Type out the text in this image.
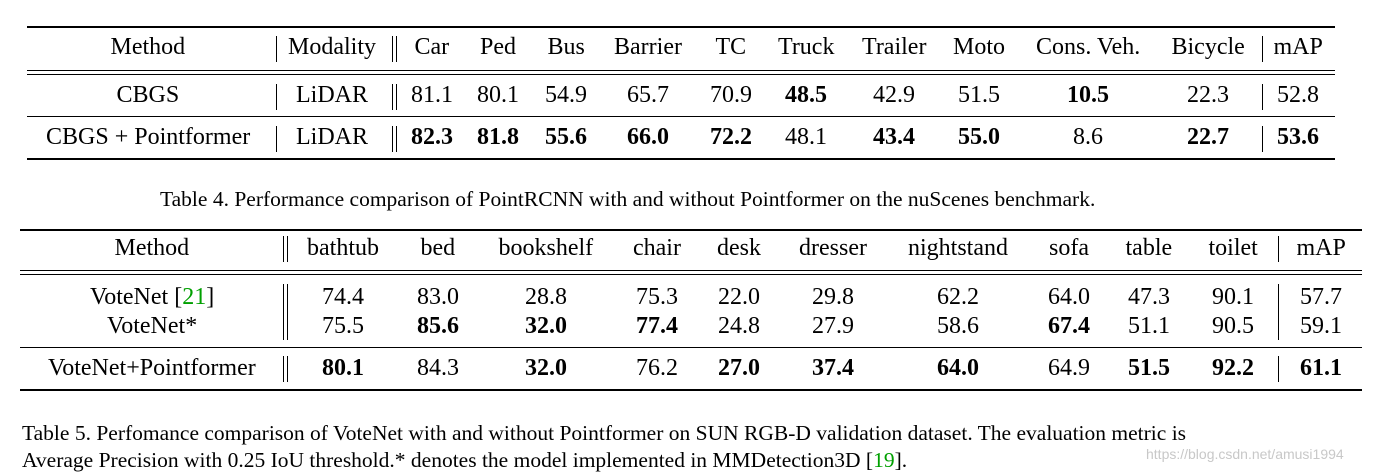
Table 4. Performance comparison of PointRCNN with and without Pointformer on the nuScenes benchmark.
Table 5. Perfomance comparison of VoteNet with and without Pointformer on SUN RGB-D validation dataset. The evaluation metric is
Average Precision with 0.25 IoU threshold.* denotes the model implemented in MMDetection3D [19].	https://blog.csdn.net/amusi1994
Method	Modality Car Ped Bus Barrier TC Truck Trailer Moto Cons. Veh. Bicycle mAP
CBGS	LiDAR 81.1 80.1 54.9 65.7 70.9 48.5 42.9 51.5	10.5	22.3 52.8
CBGS + Pointformer LiDAR 82.3 81.8 55.6 66.0 72.2 48.1 43.4 55.0	8.6	22.7 53.6
Method	bathtub bed bookshelf chair desk dresser nightstand sofa table toilet mAP
VoteNet [21]	74.4 83.0	28.8	75.3 22.0 29.8	62.2	64.0 47.3 90.1 57.7
VoteNet*	75.5 85.6	32.0	77.4 24.8 27.9	58.6	67.4 51.1 90.5 59.1
VoteNet+Pointformer	80.1 84.3	32.0	76.2 27.0 37.4	64.0	64.9 51.5 92.2 61.1
